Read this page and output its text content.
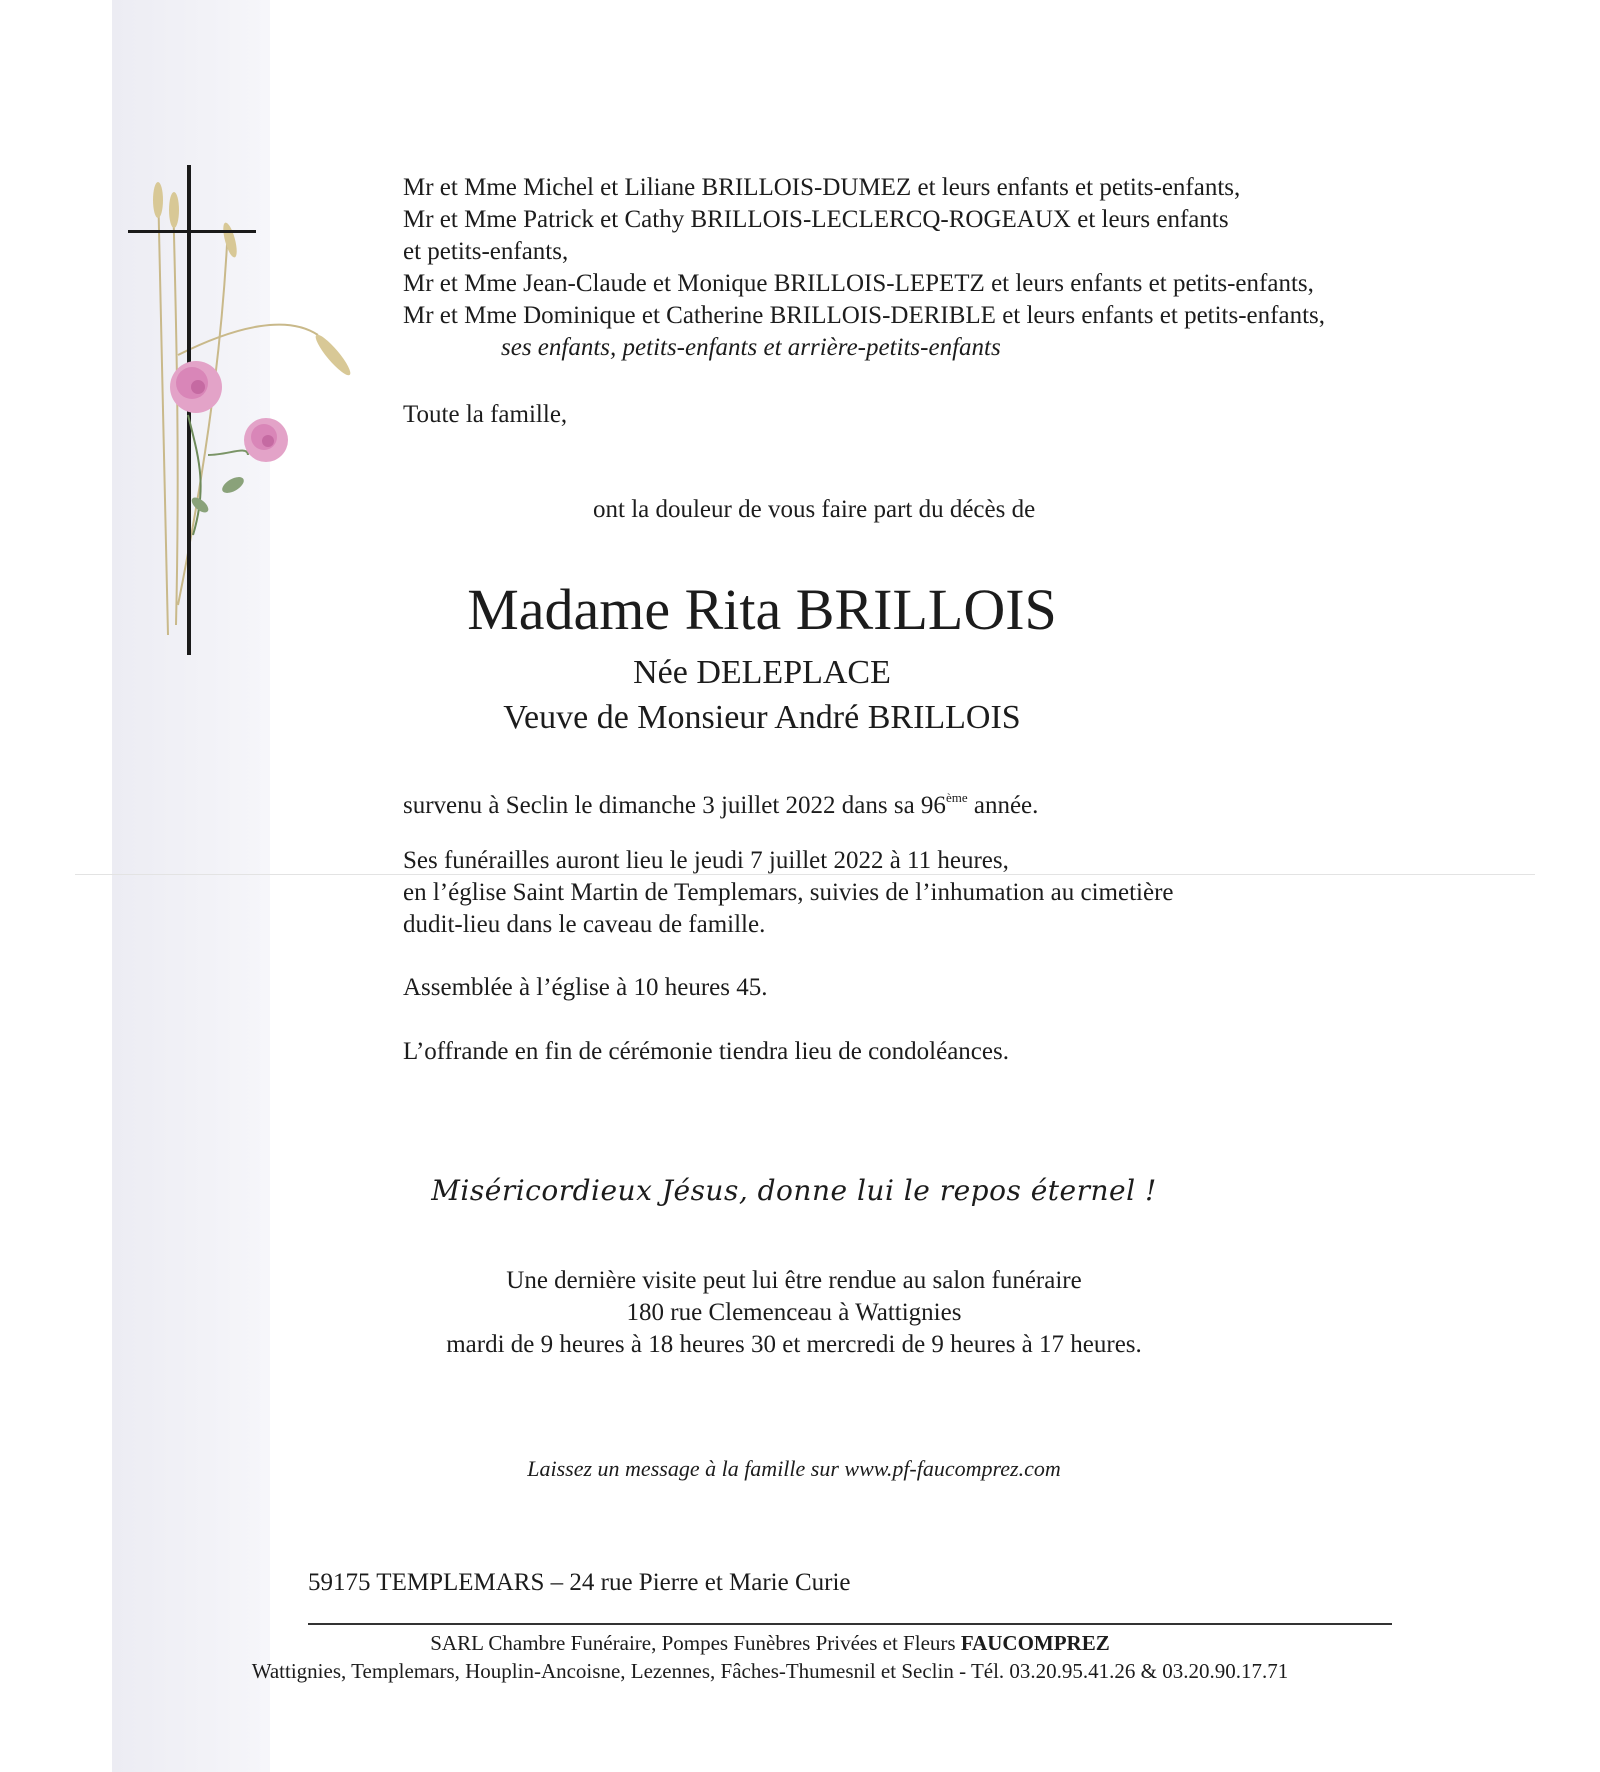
Mr et Mme Michel et Liliane BRILLOIS-DUMEZ et leurs enfants et petits-enfants,
Mr et Mme Patrick et Cathy BRILLOIS-LECLERCQ-ROGEAUX et leurs enfants
et petits-enfants,
Mr et Mme Jean-Claude et Monique BRILLOIS-LEPETZ et leurs enfants et petits-enfants,
Mr et Mme Dominique et Catherine BRILLOIS-DERIBLE et leurs enfants et petits-enfants,
ses enfants, petits-enfants et arrière-petits-enfants

Toute la famille,

ont la douleur de vous faire part du décès de

Madame Rita BRILLOIS

Née DELEPLACE

Veuve de Monsieur André BRILLOIS

survenu à Seclin le dimanche 3 juillet 2022 dans sa 96ème année.

Ses funérailles auront lieu le jeudi 7 juillet 2022 à 11 heures,
en l’église Saint Martin de Templemars, suivies de l’inhumation au cimetière
dudit-lieu dans le caveau de famille.

Assemblée à l’église à 10 heures 45.

L’offrande en fin de cérémonie tiendra lieu de condoléances.

Miséricordieux Jésus, donne lui le repos éternel !

Une dernière visite peut lui être rendue au salon funéraire
180 rue Clemenceau à Wattignies
mardi de 9 heures à 18 heures 30 et mercredi de 9 heures à 17 heures.

Laissez un message à la famille sur www.pf-faucomprez.com

59175 TEMPLEMARS – 24 rue Pierre et Marie Curie

SARL Chambre Funéraire, Pompes Funèbres Privées et Fleurs FAUCOMPREZ

Wattignies, Templemars, Houplin-Ancoisne, Lezennes, Fâches-Thumesnil et Seclin - Tél. 03.20.95.41.26 & 03.20.90.17.71
